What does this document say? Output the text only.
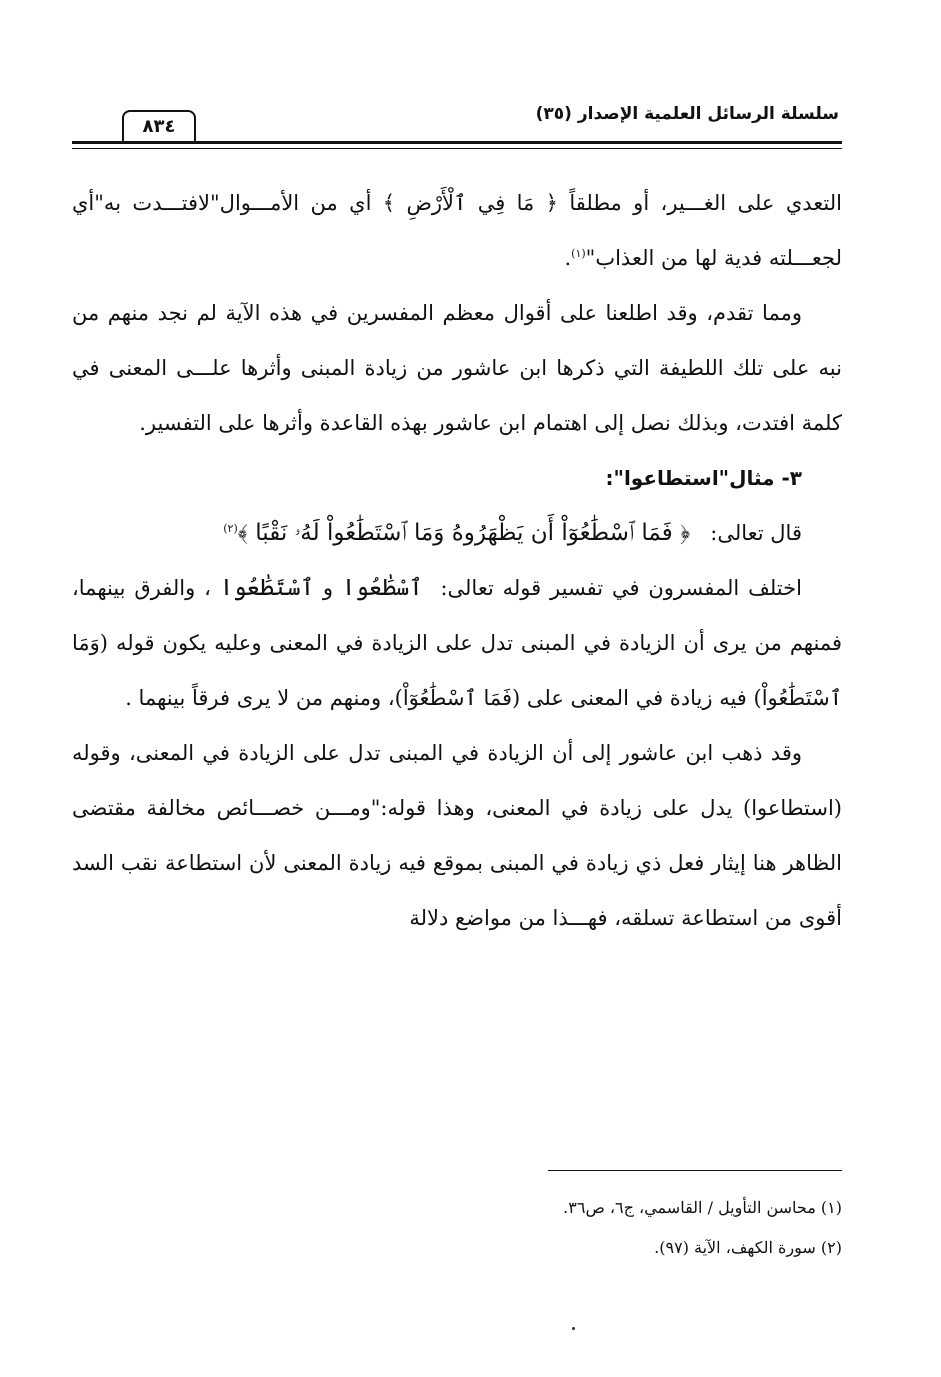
سلسلة الرسائل العلمية الإصدار (٣٥)
٨٣٤

التعدي على الغـــير، أو مطلقاً ﴿ مَا فِي ٱلْأَرْضِ ﴾ أي من الأمـــوال"لافتـــدت به"أي لجعـــلته فدية لها من العذاب"$^{(١)}$.

ومما تقدم، وقد اطلعنا على أقوال معظم المفسرين في هذه الآية لم نجد منهم من نبه على تلك اللطيفة التي ذكرها ابن عاشور من زيادة المبنى وأثرها علـــى المعنى في كلمة افتدت، وبذلك نصل إلى اهتمام ابن عاشور بهذه القاعدة وأثرها على التفسير.

٣- مثال"استطاعوا":

قال تعالى:   ﴿ فَمَا ٱسْطَٰعُوٓاْ أَن يَظْهَرُوهُ وَمَا ٱسْتَطَٰعُواْ لَهُۥ نَقْبًا ﴾$^{(٢)}$

اختلف المفسرون في تفسير قوله تعالى:  ٱسْطَٰعُوا و ٱسْتَطَٰعُوا ، والفرق بينهما، فمنهم من يرى أن الزيادة في المبنى تدل على الزيادة في المعنى وعليه يكون قوله (وَمَا ٱسْتَطَٰعُواْ) فيه زيادة في المعنى على (فَمَا ٱسْطَٰعُوٓاْ)، ومنهم من لا يرى فرقاً بينهما .

وقد ذهب ابن عاشور إلى أن الزيادة في المبنى تدل على الزيادة في المعنى، وقوله (استطاعوا) يدل على زيادة في المعنى، وهذا قوله:"ومـــن خصـــائص مخالفة مقتضى الظاهر هنا إيثار فعل ذي زيادة في المبنى بموقع فيه زيادة المعنى لأن استطاعة نقب السد أقوى من استطاعة تسلقه، فهـــذا من مواضع دلالة

(١) محاسن التأويل / القاسمي، ج٦، ص٣٦.

(٢) سورة الكهف، الآية (٩٧).
